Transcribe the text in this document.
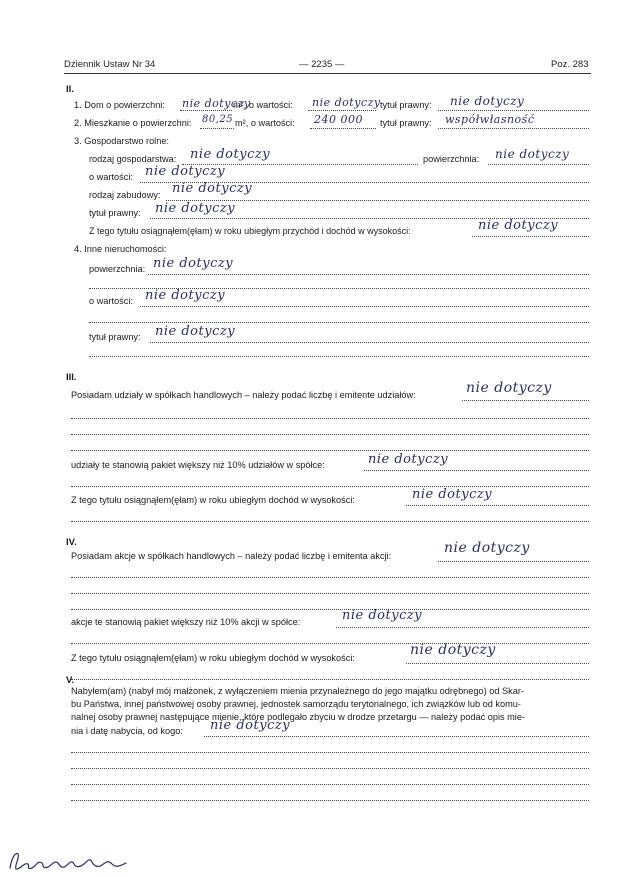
Dziennik Ustaw Nr 34	— 2235 —	Poz. 283
II.
1. Dom o powierzchni: nie dotyczy
m², o wartości: nie dotyczy tytuł prawny: nie dotyczy
2. Mieszkanie o powierzchni: 80,25 m², o wartości: 240 000 tytuł prawny: współwłasność
3. Gospodarstwo rolne:
rodzaj gospodarstwa: nie dotyczy	powierzchnia: nie dotyczy
o wartości: nie dotyczy
rodzaj zabudowy: nie dotyczy
tytuł prawny: nie dotyczy
Z tego tytułu osiągnąłem(ęłam) w roku ubiegłym przychód i dochód w wysokości:	nie dotyczy
4. Inne nieruchomości:
powierzchnia: nie dotyczy
o wartości: nie dotyczy
tytuł prawny: nie dotyczy
III.
Posiadam udziały w spółkach handlowych – należy podać liczbę i emitente udziałów:	nie dotyczy
udziały te stanowią pakiet większy niż 10% udziałów w spółce:	nie dotyczy
Z tego tytułu osiągnąłem(ęłam) w roku ubiegłym dochód w wysokości:	nie dotyczy
IV.
Posiadam akcje w spółkach handlowych – należy podać liczbę i emitenta akcji:	nie dotyczy
akcje te stanowią pakiet większy niż 10% akcji w spółce:	nie dotyczy
Z tego tytułu osiągnąłem(ęłam) w roku ubiegłym dochód w wysokości:	nie dotyczy
V.
Nabyłem(am) (nabył mój małżonek, z wyłączeniem mienia przynależnego do jego majątku odrębnego) od Skar-
bu Państwa, innej państwowej osoby prawnej, jednostek samorządu terytorialnego, ich związków lub od komu-
nalnej osoby prawnej następujące mienie, które podlegało zbyciu w drodze przetargu — należy podać opis mie-
nia i datę nabycia, od kogo: nie dotyczy
